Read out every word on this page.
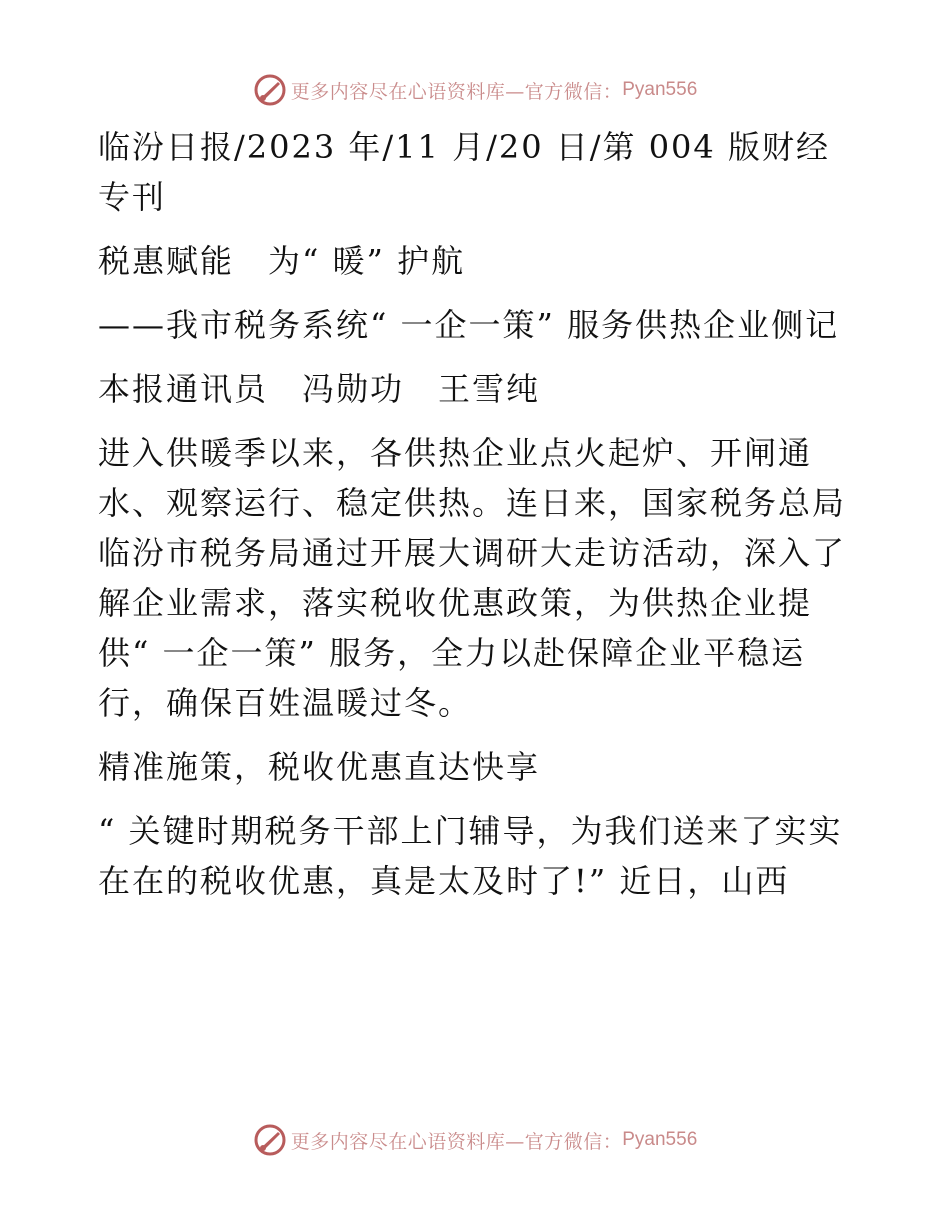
更多内容尽在心语资料库—官方微信： Pyan556

临汾日报/2023 年/11 月/20 日/第 004 版财经专刊

税惠赋能　为“ 暖” 护航

——我市税务系统“ 一企一策” 服务供热企业侧记

本报通讯员　冯勋功　王雪纯

进入供暖季以来，各供热企业点火起炉、开闸通水、观察运行、稳定供热。连日来，国家税务总局临汾市税务局通过开展大调研大走访活动，深入了解企业需求，落实税收优惠政策，为供热企业提供“ 一企一策” 服务，全力以赴保障企业平稳运行，确保百姓温暖过冬。

精准施策，税收优惠直达快享

“ 关键时期税务干部上门辅导，为我们送来了实实在在的税收优惠，真是太及时了!” 近日，山西

更多内容尽在心语资料库—官方微信： Pyan556
